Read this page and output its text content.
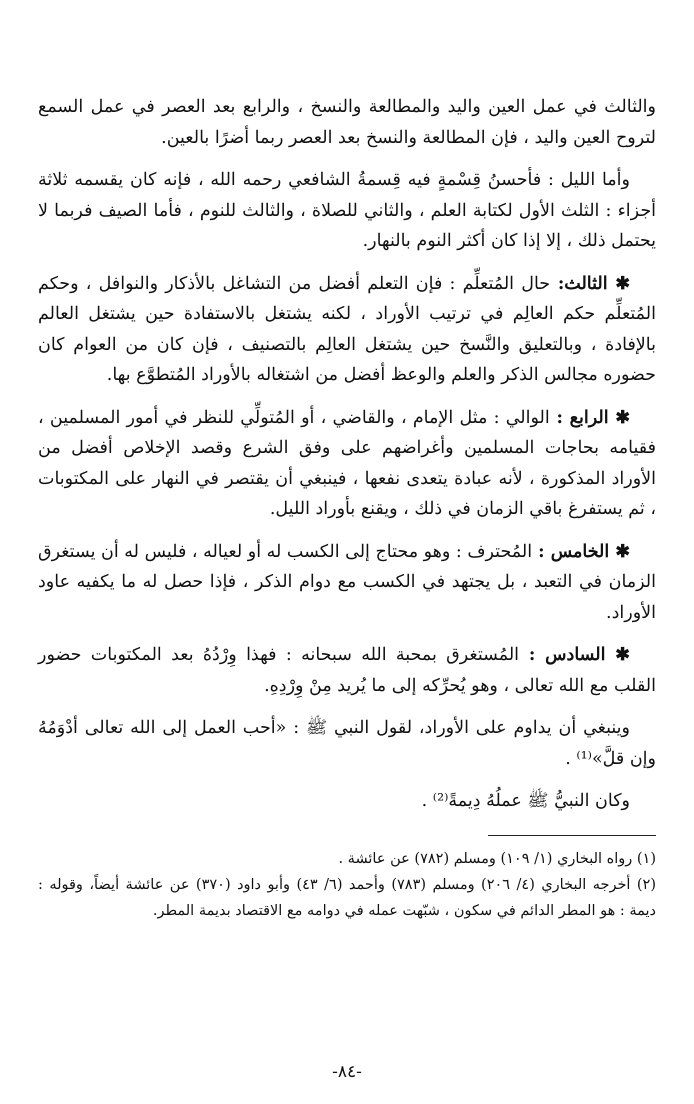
والثالث في عمل العين واليد والمطالعة والنسخ ، والرابع بعد العصر في عمل السمع لتروح العين واليد ، فإن المطالعة والنسخ بعد العصر ربما أضرًا بالعين.

وأما الليل : فأحسنُ قِسْمةٍ فيه قِسمةُ الشافعي رحمه الله ، فإنه كان يقسمه ثلاثة أجزاء : الثلث الأول لكتابة العلم ، والثاني للصلاة ، والثالث للنوم ، فأما الصيف فربما لا يحتمل ذلك ، إلا إذا كان أكثر النوم بالنهار.

✱ الثالث: حال المُتعلِّم : فإن التعلم أفضل من التشاغل بالأذكار والنوافل ، وحكم المُتعلِّم حكم العالِم في ترتيب الأوراد ، لكنه يشتغل بالاستفادة حين يشتغل العالم بالإفادة ، وبالتعليق والنَّسخ حين يشتغل العالِم بالتصنيف ، فإن كان من العوام كان حضوره مجالس الذكر والعلم والوعظ أفضل من اشتغاله بالأوراد المُتطوَّع بها.

✱ الرابع : الوالي : مثل الإمام ، والقاضي ، أو المُتولِّي للنظر في أمور المسلمين ، فقيامه بحاجات المسلمين وأغراضهم على وفق الشرع وقصد الإخلاص أفضل من الأوراد المذكورة ، لأنه عبادة يتعدى نفعها ، فينبغي أن يقتصر في النهار على المكتوبات ، ثم يستفرغ باقي الزمان في ذلك ، ويقنع بأوراد الليل.

✱ الخامس : المُحترف : وهو محتاج إلى الكسب له أو لعياله ، فليس له أن يستغرق الزمان في التعبد ، بل يجتهد في الكسب مع دوام الذكر ، فإذا حصل له ما يكفيه عاود الأوراد.

✱ السادس : المُستغرق بمحبة الله سبحانه : فهذا وِرْدُهُ بعد المكتوبات حضور القلب مع الله تعالى ، وهو يُحرِّكه إلى ما يُريد مِنْ وِرْدِهِ.

وينبغي أن يداوم على الأوراد، لقول النبي ﷺ : «أحب العمل إلى الله تعالى أدْوَمُهُ وإن قلَّ»⁽¹⁾ .

وكان النبيُّ ﷺ عملُهُ دِيمةً⁽²⁾ .

(١) رواه البخاري (١/ ١٠٩) ومسلم (٧٨٢) عن عائشة .

(٢) أخرجه البخاري (٤/ ٢٠٦) ومسلم (٧٨٣) وأحمد (٦/ ٤٣) وأبو داود (٣٧٠) عن عائشة أيضاً، وقوله : ديمة : هو المطر الدائم في سكون ، شبّهت عمله في دوامه مع الاقتصاد بديمة المطر.

-٨٤-
